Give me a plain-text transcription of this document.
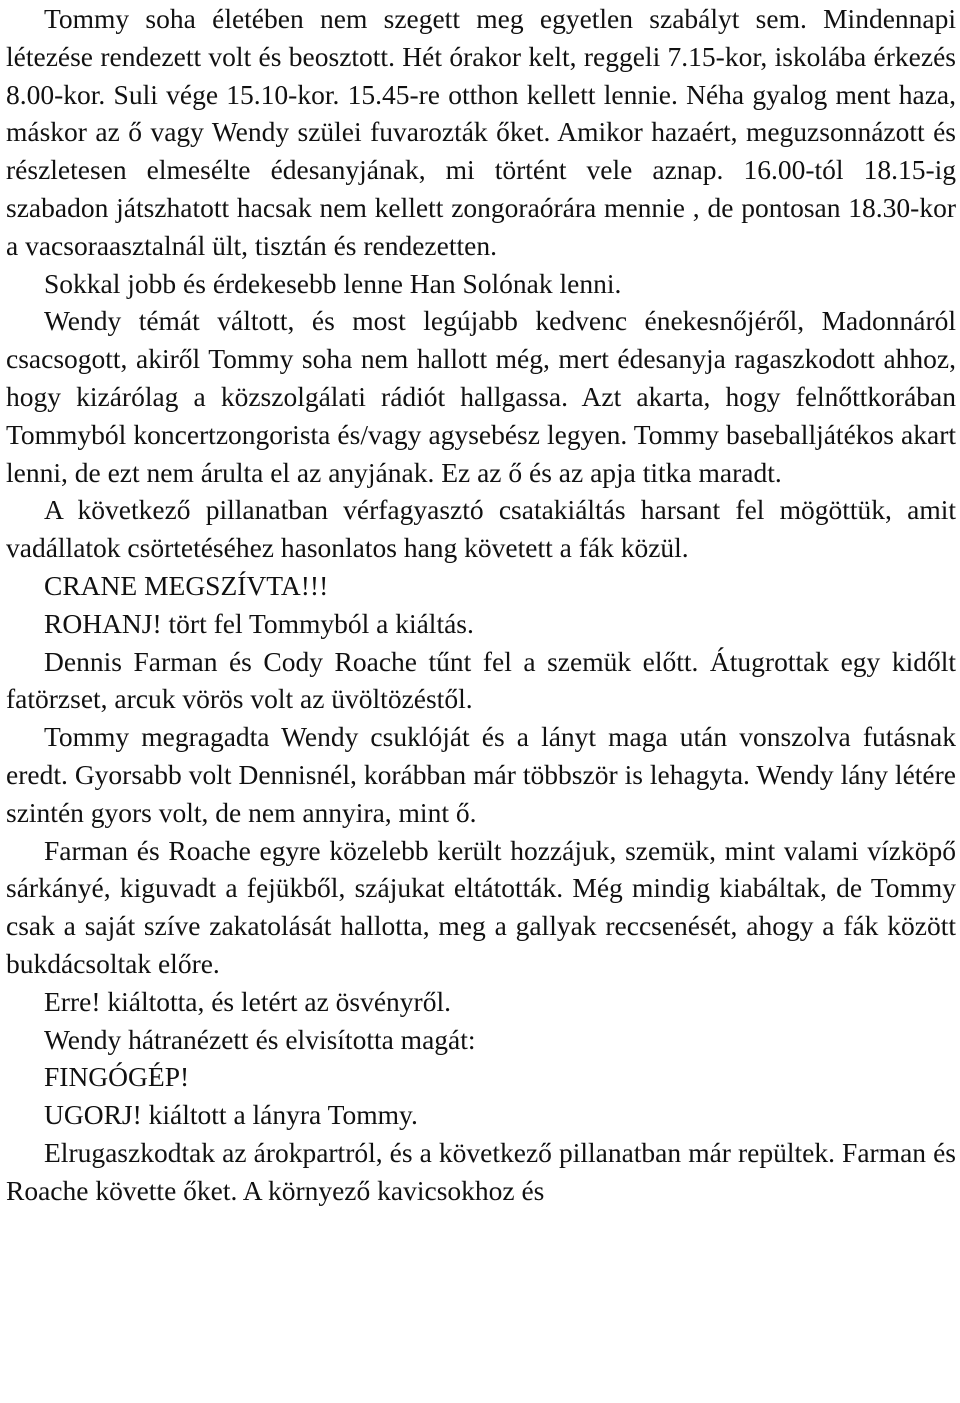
Tommy soha életében nem szegett meg egyetlen szabályt sem. Mindennapi létezése rendezett volt és beosztott. Hét órakor kelt, reggeli 7.15-kor, iskolába érkezés 8.00-kor. Suli vége 15.10-kor. 15.45-re otthon kellett lennie. Néha gyalog ment haza, máskor az ő vagy Wendy szülei fuvarozták őket. Amikor hazaért, meguzsonnázott és részletesen elmesélte édesanyjának, mi történt vele aznap. 16.00-tól 18.15-ig szabadon játszhatott hacsak nem kellett zongoraórára mennie , de pontosan 18.30-kor a vacsoraasztalnál ült, tisztán és rendezetten.

Sokkal jobb és érdekesebb lenne Han Solónak lenni.

Wendy témát váltott, és most legújabb kedvenc énekesnőjéről, Madonnáról csacsogott, akiről Tommy soha nem hallott még, mert édesanyja ragaszkodott ahhoz, hogy kizárólag a közszolgálati rádiót hallgassa. Azt akarta, hogy felnőttkorában Tommyból koncertzongorista és/vagy agysebész legyen. Tommy baseballjátékos akart lenni, de ezt nem árulta el az anyjának. Ez az ő és az apja titka maradt.

A következő pillanatban vérfagyasztó csatakiáltás harsant fel mögöttük, amit vadállatok csörtetéséhez hasonlatos hang követett a fák közül.

CRANE MEGSZÍVTA!!!

ROHANJ! tört fel Tommyból a kiáltás.

Dennis Farman és Cody Roache tűnt fel a szemük előtt. Átugrottak egy kidőlt fatörzset, arcuk vörös volt az üvöltözéstől.

Tommy megragadta Wendy csuklóját és a lányt maga után vonszolva futásnak eredt. Gyorsabb volt Dennisnél, korábban már többször is lehagyta. Wendy lány létére szintén gyors volt, de nem annyira, mint ő.

Farman és Roache egyre közelebb került hozzájuk, szemük, mint valami vízköpő sárkányé, kiguvadt a fejükből, szájukat eltátották. Még mindig kiabáltak, de Tommy csak a saját szíve zakatolását hallotta, meg a gallyak reccsenését, ahogy a fák között bukdácsoltak előre.

Erre! kiáltotta, és letért az ösvényről.

Wendy hátranézett és elvisította magát:

FINGÓGÉP!

UGORJ! kiáltott a lányra Tommy.

Elrugaszkodtak az árokpartról, és a következő pillanatban már repültek. Farman és Roache követte őket. A környező kavicsokhoz és
